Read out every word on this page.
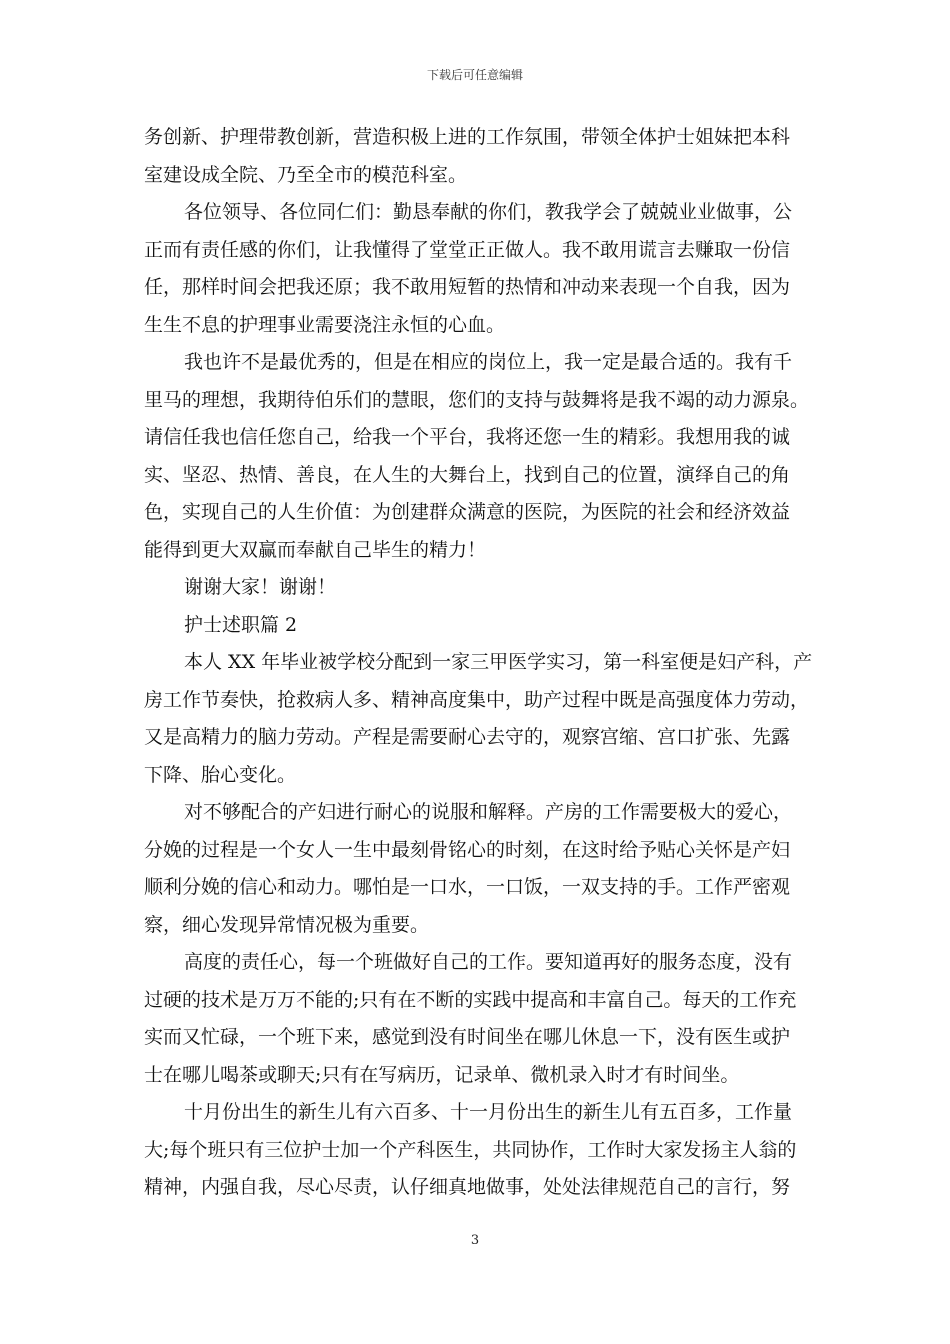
下载后可任意编辑

务创新、护理带教创新，营造积极上进的工作氛围，带领全体护士姐妹把本科
室建设成全院、乃至全市的模范科室。

各位领导、各位同仁们：勤恳奉献的你们，教我学会了兢兢业业做事，公
正而有责任感的你们，让我懂得了堂堂正正做人。我不敢用谎言去赚取一份信
任，那样时间会把我还原；我不敢用短暂的热情和冲动来表现一个自我，因为
生生不息的护理事业需要浇注永恒的心血。

我也许不是最优秀的，但是在相应的岗位上，我一定是最合适的。我有千
里马的理想，我期待伯乐们的慧眼，您们的支持与鼓舞将是我不竭的动力源泉。
请信任我也信任您自己，给我一个平台，我将还您一生的精彩。我想用我的诚
实、坚忍、热情、善良，在人生的大舞台上，找到自己的位置，演绎自己的角
色，实现自己的人生价值：为创建群众满意的医院，为医院的社会和经济效益
能得到更大双赢而奉献自己毕生的精力！

谢谢大家！谢谢！

护士述职篇 2

本人 XX 年毕业被学校分配到一家三甲医学实习，第一科室便是妇产科，产
房工作节奏快，抢救病人多、精神高度集中，助产过程中既是高强度体力劳动，
又是高精力的脑力劳动。产程是需要耐心去守的，观察宫缩、宫口扩张、先露
下降、胎心变化。

对不够配合的产妇进行耐心的说服和解释。产房的工作需要极大的爱心，
分娩的过程是一个女人一生中最刻骨铭心的时刻，在这时给予贴心关怀是产妇
顺利分娩的信心和动力。哪怕是一口水，一口饭，一双支持的手。工作严密观
察，细心发现异常情况极为重要。

高度的责任心，每一个班做好自己的工作。要知道再好的服务态度，没有
过硬的技术是万万不能的;只有在不断的实践中提高和丰富自己。每天的工作充
实而又忙碌，一个班下来，感觉到没有时间坐在哪儿休息一下，没有医生或护
士在哪儿喝茶或聊天;只有在写病历，记录单、微机录入时才有时间坐。

十月份出生的新生儿有六百多、十一月份出生的新生儿有五百多，工作量
大;每个班只有三位护士加一个产科医生，共同协作，工作时大家发扬主人翁的
精神，内强自我，尽心尽责，认仔细真地做事，处处法律规范自己的言行，努

3
